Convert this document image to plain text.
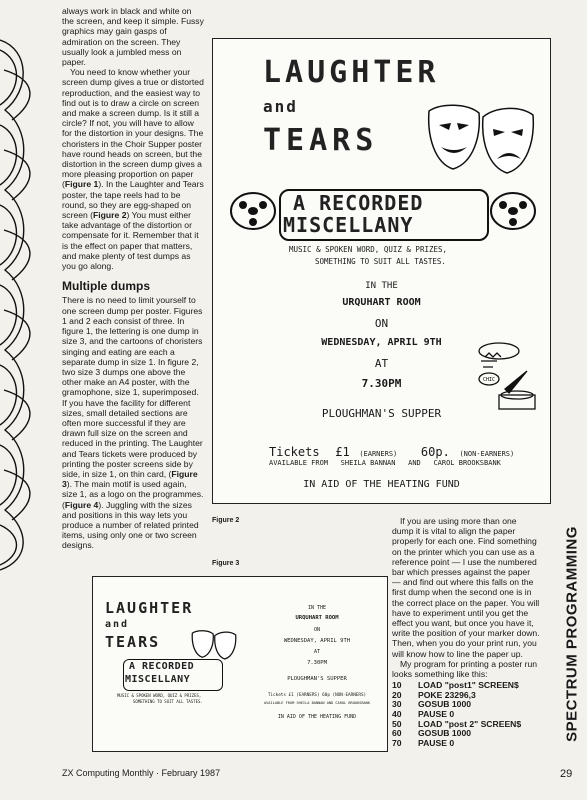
always work in black and white on the screen, and keep it simple. Fussy graphics may gain gasps of admiration on the screen. They usually look a jumbled mess on paper.

You need to know whether your screen dump gives a true or distorted reproduction, and the easiest way to find out is to draw a circle on screen and make a screen dump. Is it still a circle? If not, you will have to allow for the distortion in your designs. The choristers in the Choir Supper poster have round heads on screen, but the distortion in the screen dump gives a more pleasing proportion on paper (Figure 1). In the Laughter and Tears poster, the tape reels had to be round, so they are egg-shaped on screen (Figure 2) You must either take advantage of the distortion or compensate for it. Remember that it is the effect on paper that matters, and make plenty of test dumps as you go along.

Multiple dumps

There is no need to limit yourself to one screen dump per poster. Figures 1 and 2 each consist of three. In figure 1, the lettering is one dump in size 3, and the cartoons of choristers singing and eating are each a separate dump in size 1. In figure 2, two size 3 dumps one above the other make an A4 poster, with the gramophone, size 1, superimposed. If you have the facility for different sizes, small detailed sections are often more successful if they are drawn full size on the screen and reduced in the printing. The Laughter and Tears tickets were produced by printing the poster screens side by side, in size 1, on thin card, (Figure 3). The main motif is used again, size 1, as a logo on the programmes. (Figure 4). Juggling with the sizes and positions in this way lets you produce a number of related printed items, using only one or two screen designs.

LAUGHTER
and
TEARS
A RECORDED
MISCELLANY
MUSIC & SPOKEN WORD, QUIZ & PRIZES,
SOMETHING TO SUIT ALL TASTES.
IN THE
URQUHART ROOM
ON
WEDNESDAY, APRIL 9TH
AT
7.30PM	CHIC
PLOUGHMAN'S SUPPER
Tickets £1 (EARNERS) 60p. (NON-EARNERS)
AVAILABLE FROM SHEILA BANNAN AND CAROL BROOKSBANK
IN AID OF THE HEATING FUND
Figure 2
Figure 3
LAUGHTER
and
TEARS
A RECORDED
MISCELLANY
MUSIC & SPOKEN WORD, QUIZ & PRIZES,
SOMETHING TO SUIT ALL TASTES.
IN THE
URQUHART ROOM
ON
WEDNESDAY, APRIL 9TH
AT
7.30PM
PLOUGHMAN'S SUPPER
Tickets £1 (EARNERS) 60p (NON-EARNERS)
AVAILABLE FROM SHEILA BANNAN AND CAROL BROOKSBANK
IN AID OF THE HEATING FUND

If you are using more than one dump it is vital to align the paper properly for each one. Find something on the printer which you can use as a reference point — I use the numbered bar which presses against the paper — and find out where this falls on the first dump when the second one is in the correct place on the paper. You will have to experiment until you get the effect you want, but once you have it, write the position of your marker down. Then, when you do your print run, you will know how to line the paper up.

My program for printing a poster run looks something like this:

10 LOAD "post1" SCREEN$
20 POKE 23296,3
30 GOSUB 1000
40 PAUSE 0
50 LOAD "post 2" SCREEN$
60 GOSUB 1000
70 PAUSE 0
SPECTRUM PROGRAMMING
ZX Computing Monthly · February 1987	29
